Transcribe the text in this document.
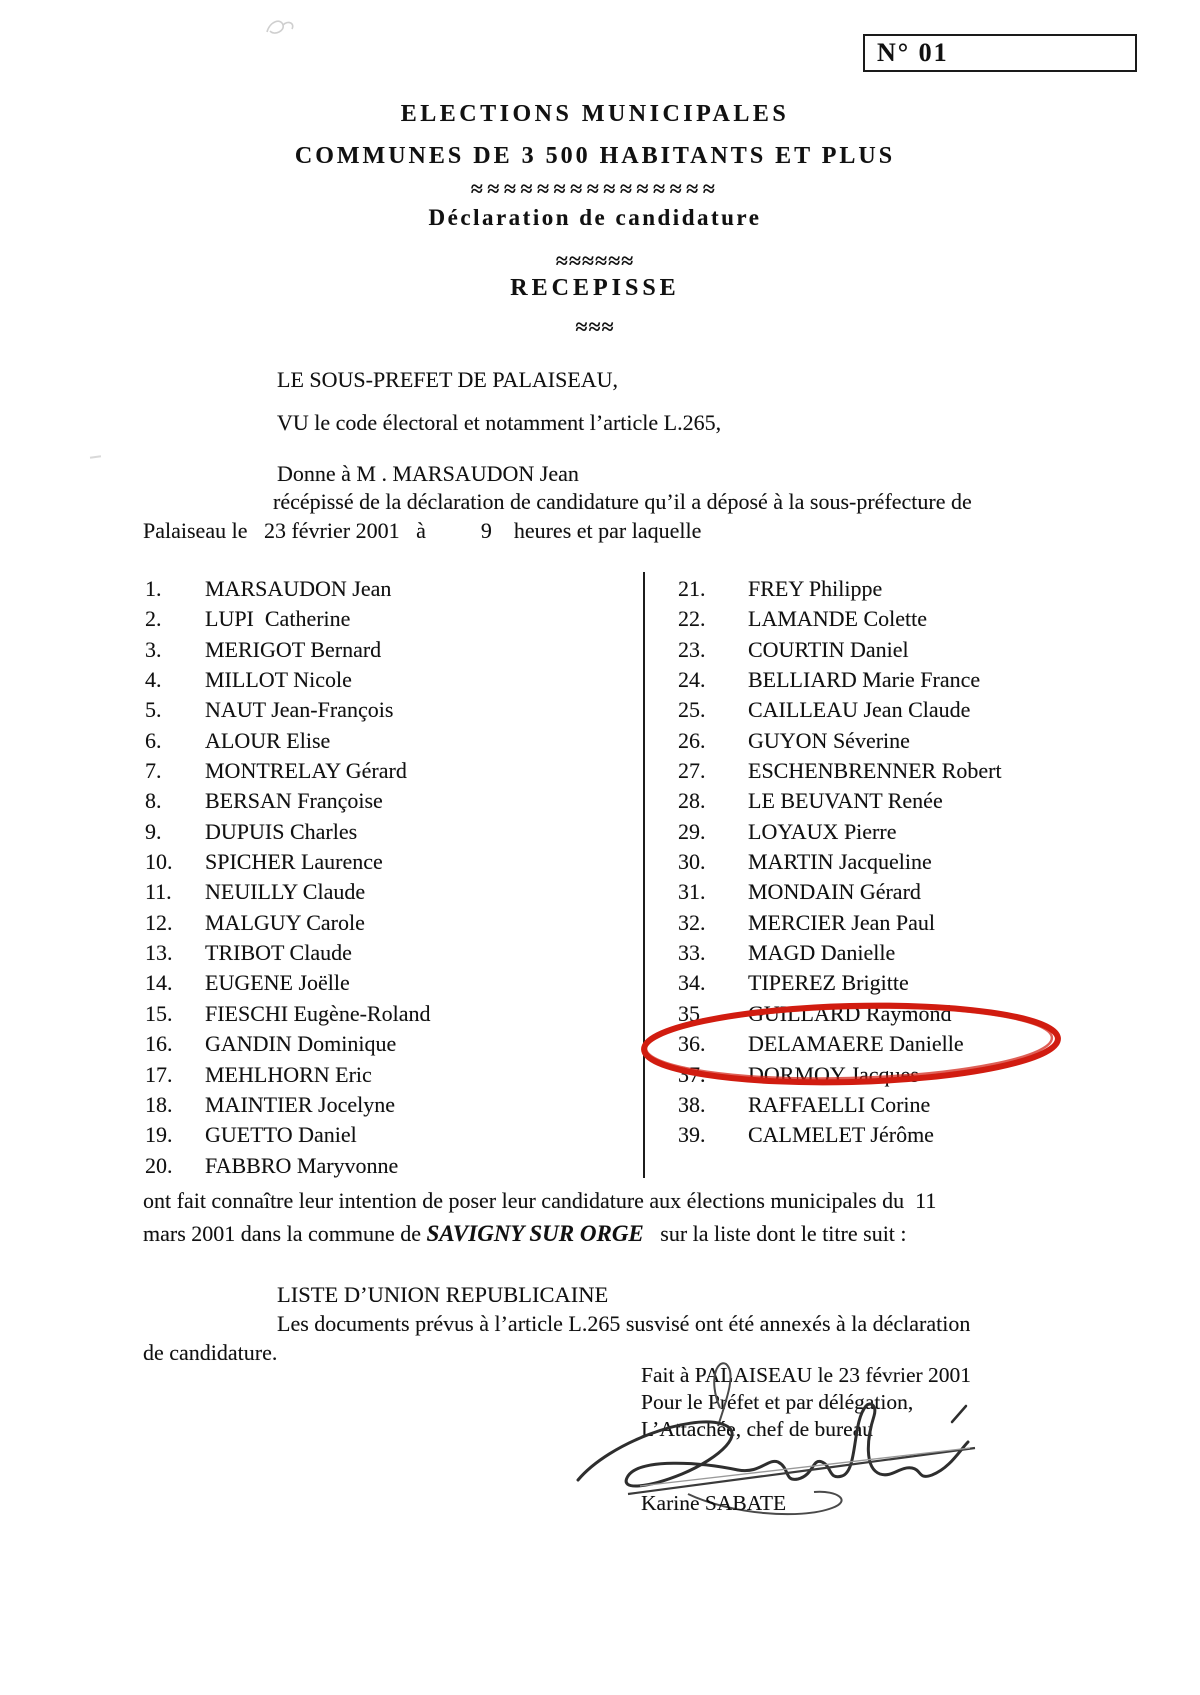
N° 01
ELECTIONS MUNICIPALES
COMMUNES DE 3 500 HABITANTS ET PLUS
≈≈≈≈≈≈≈≈≈≈≈≈≈≈≈
Déclaration de candidature
≈≈≈≈≈≈
RECEPISSE
≈≈≈
LE SOUS-PREFET DE PALAISEAU,
VU le code électoral et notamment l’article L.265,
Donne à M . MARSAUDON Jean
récépissé de la déclaration de candidature qu’il a déposé à la sous-préfecture de
Palaiseau le   23 février 2001   à          9    heures et par laquelle
1. MARSAUDON Jean
2. LUPI  Catherine
3. MERIGOT Bernard
4. MILLOT Nicole
5. NAUT Jean-François
6. ALOUR Elise
7. MONTRELAY Gérard
8. BERSAN Françoise
9. DUPUIS Charles
10. SPICHER Laurence
11. NEUILLY Claude
12. MALGUY Carole
13. TRIBOT Claude
14. EUGENE Joëlle
15. FIESCHI Eugène-Roland
16. GANDIN Dominique
17. MEHLHORN Eric
18. MAINTIER Jocelyne
19. GUETTO Daniel
20. FABBRO Maryvonne
21. FREY Philippe
22. LAMANDE Colette
23. COURTIN Daniel
24. BELLIARD Marie France
25. CAILLEAU Jean Claude
26. GUYON Séverine
27. ESCHENBRENNER Robert
28. LE BEUVANT Renée
29. LOYAUX Pierre
30. MARTIN Jacqueline
31. MONDAIN Gérard
32. MERCIER Jean Paul
33. MAGD Danielle
34. TIPEREZ Brigitte
35. GUILLARD Raymond
36. DELAMAERE Danielle
37. DORMOY Jacques
38. RAFFAELLI Corine
39. CALMELET Jérôme
ont fait connaître leur intention de poser leur candidature aux élections municipales du  11
mars 2001 dans la commune de SAVIGNY SUR ORGE   sur la liste dont le titre suit :
LISTE D’UNION REPUBLICAINE
Les documents prévus à l’article L.265 susvisé ont été annexés à la déclaration
de candidature.
Fait à PALAISEAU le 23 février 2001
Pour le Préfet et par délégation,
L’Attachée, chef de bureau
Karine SABATE
